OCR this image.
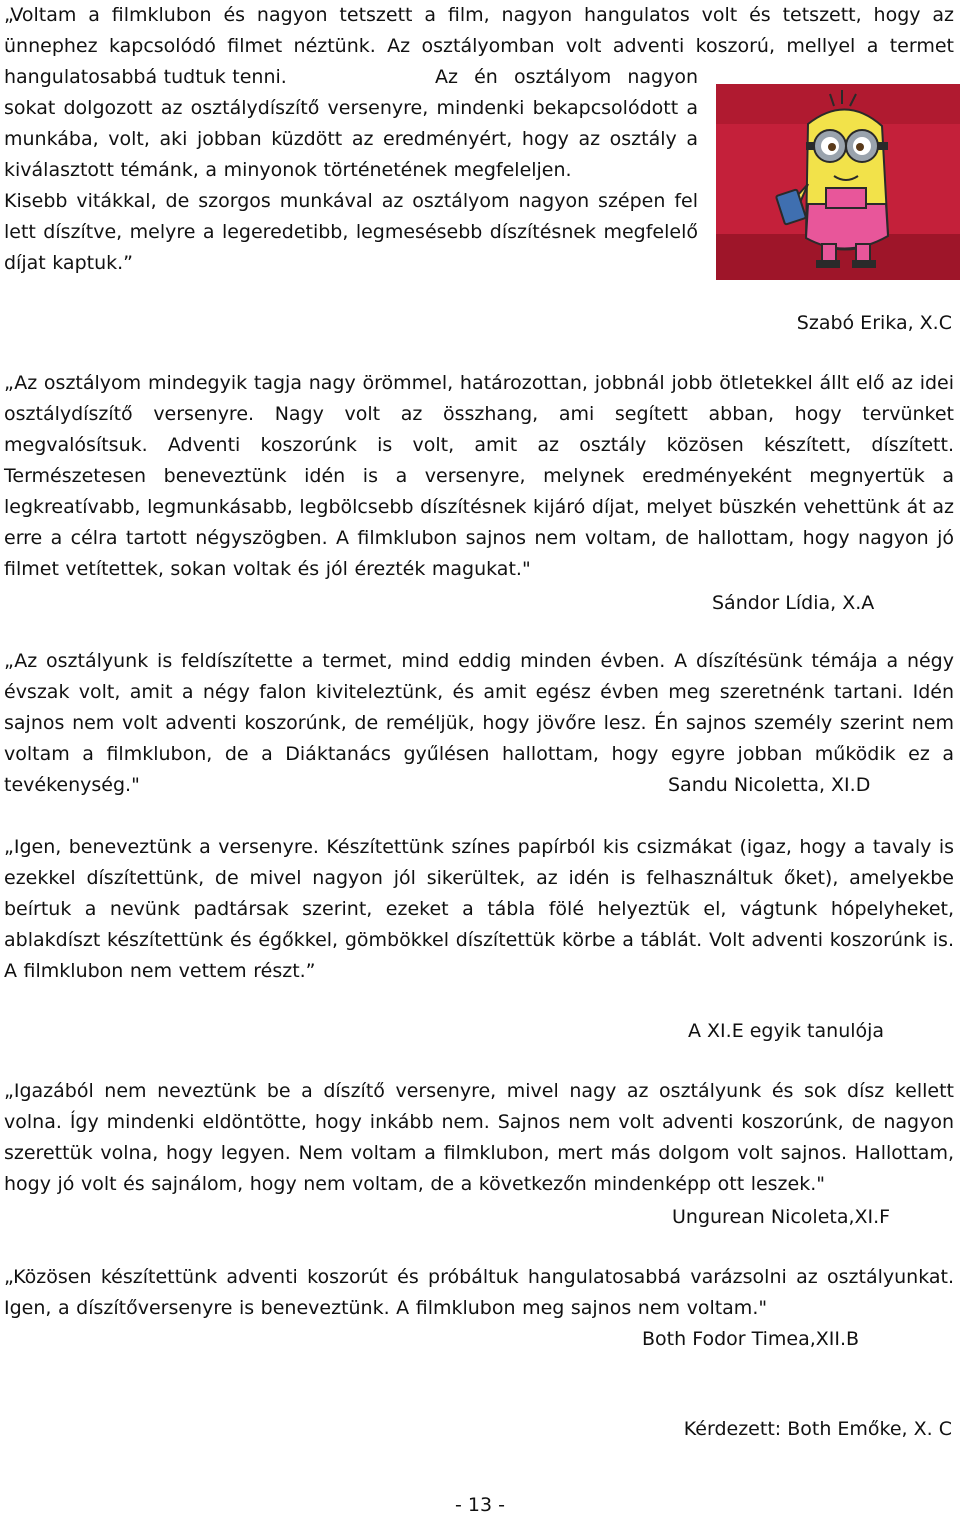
„Voltam a filmklubon és nagyon tetszett a film, nagyon hangulatos volt és tetszett, hogy az ünnephez kapcsolódó filmet néztünk. Az osztályomban volt adventi koszorú, mellyel a termet hangulatosabbá tudtuk tenni.	Az én osztályom nagyon sokat dolgozott az osztálydíszítő versenyre, mindenki bekapcsolódott a munkába, volt, aki jobban küzdött az eredményért, hogy az osztály a kiválasztott témánk, a minyonok történetének megfeleljen.

Kisebb vitákkal, de szorgos munkával az osztályom nagyon szépen fel lett díszítve, melyre a legeredetibb, legmesésebb díszítésnek megfelelő díjat kaptuk.”

Szabó Erika, X.C

„Az osztályom mindegyik tagja nagy örömmel, határozottan, jobbnál jobb ötletekkel állt elő az idei osztálydíszítő versenyre. Nagy volt az összhang, ami segített abban, hogy tervünket megvalósítsuk. Adventi koszorúnk is volt, amit az osztály közösen készített, díszített. Természetesen beneveztünk idén is a versenyre, melynek eredményeként megnyertük a legkreatívabb, legmunkásabb, legbölcsebb díszítésnek kijáró díjat, melyet büszkén vehettünk át az erre a célra tartott négyszögben. A filmklubon sajnos nem voltam, de hallottam, hogy nagyon jó filmet vetítettek, sokan voltak és jól érezték magukat."

Sándor Lídia, X.A

„Az osztályunk is feldíszítette a termet, mind eddig minden évben. A díszítésünk témája a négy évszak volt, amit a négy falon kiviteleztünk, és amit egész évben meg szeretnénk tartani. Idén sajnos nem volt adventi koszorúnk, de reméljük, hogy jövőre lesz. Én sajnos személy szerint nem voltam a filmklubon, de a Diáktanács gyűlésen hallottam, hogy egyre jobban működik ez a tevékenység."	Sandu Nicoletta, XI.D

„Igen, beneveztünk a versenyre. Készítettünk színes papírból kis csizmákat (igaz, hogy a tavaly is ezekkel díszítettünk, de mivel nagyon jól sikerültek, az idén is felhasználtuk őket), amelyekbe beírtuk a nevünk padtársak szerint, ezeket a tábla fölé helyeztük el, vágtunk hópelyheket, ablakdíszt készítettünk és égőkkel, gömbökkel díszítettük körbe a táblát. Volt adventi koszorúnk is. A filmklubon nem vettem részt.”

A XI.E egyik tanulója

„Igazából nem neveztünk be a díszítő versenyre, mivel nagy az osztályunk és sok dísz kellett volna. Így mindenki eldöntötte, hogy inkább nem. Sajnos nem volt adventi koszorúnk, de nagyon szerettük volna, hogy legyen. Nem voltam a filmklubon, mert más dolgom volt sajnos. Hallottam, hogy jó volt és sajnálom, hogy nem voltam, de a következőn mindenképp ott leszek."

Ungurean Nicoleta,XI.F

„Közösen készítettünk adventi koszorút és próbáltuk hangulatosabbá varázsolni az osztályunkat. Igen, a díszítőversenyre is beneveztünk. A filmklubon meg sajnos nem voltam."

Both Fodor Timea,XII.B
Kérdezett: Both Emőke, X. C
- 13 -
